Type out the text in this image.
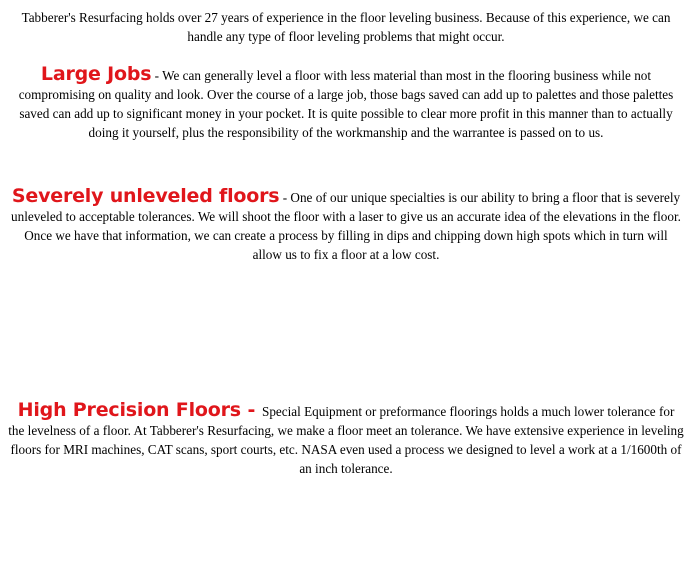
Tabberer's Resurfacing holds over 27 years of experience in the floor leveling business. Because of this experience, we can handle any type of floor leveling problems that might occur.

Large Jobs - We can generally level a floor with less material than most in the flooring business while not compromising on quality and look. Over the course of a large job, those bags saved can add up to palettes and those palettes saved can add up to significant money in your pocket. It is quite possible to clear more profit in this manner than to actually doing it yourself, plus the responsibility of the workmanship and the warrantee is passed on to us.

Severely unleveled floors - One of our unique specialties is our ability to bring a floor that is severely unleveled to acceptable tolerances. We will shoot the floor with a laser to give us an accurate idea of the elevations in the floor. Once we have that information, we can create a process by filling in dips and chipping down high spots which in turn will allow us to fix a floor at a low cost.

High Precision Floors - Special Equipment or preformance floorings holds a much lower tolerance for the levelness of a floor. At Tabberer's Resurfacing, we make a floor meet an tolerance. We have extensive experience in leveling floors for MRI machines, CAT scans, sport courts, etc. NASA even used a process we designed to level a work at a 1/1600th of an inch tolerance.
